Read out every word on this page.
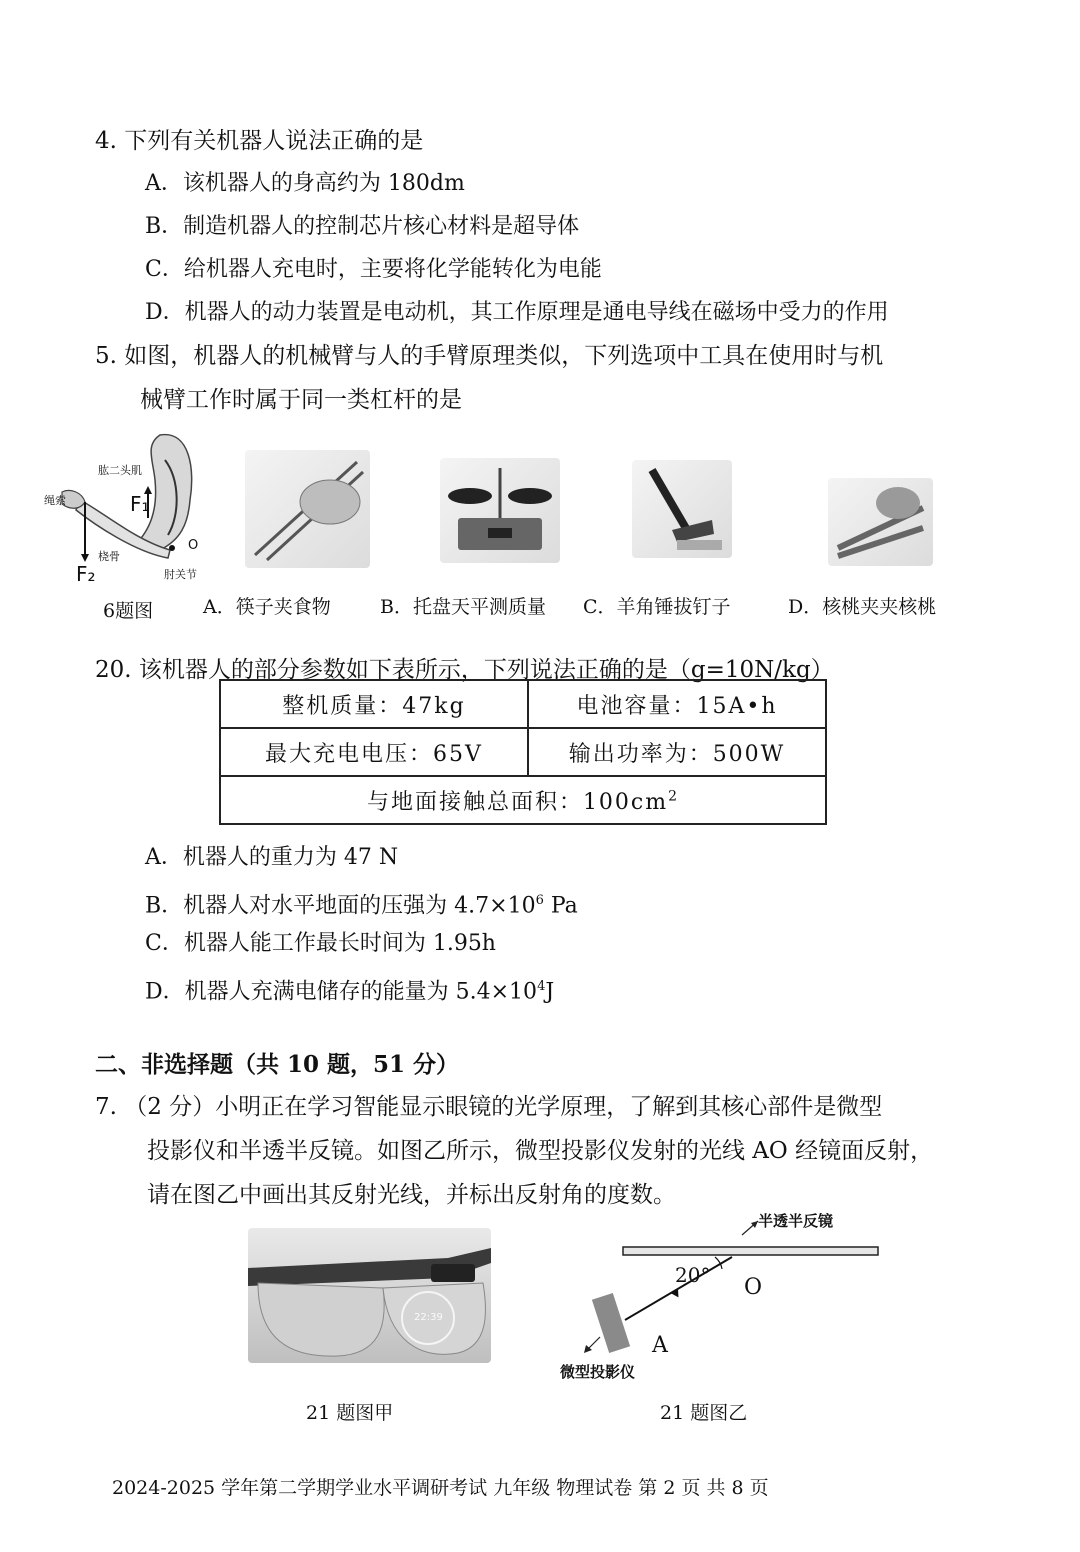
4. 下列有关机器人说法正确的是
A．该机器人的身高约为 180dm
B．制造机器人的控制芯片核心材料是超导体
C．给机器人充电时，主要将化学能转化为电能
D．机器人的动力装置是电动机，其工作原理是通电导线在磁场中受力的作用
5. 如图，机器人的机械臂与人的手臂原理类似，下列选项中工具在使用时与机
械臂工作时属于同一类杠杆的是
肱二头肌
绳索
桡骨
肘关节
F₁
F₂
O
6题图	A．筷子夹食物	B．托盘天平测质量 C．羊角锤拔钉子	D．核桃夹夹核桃
20. 该机器人的部分参数如下表所示，下列说法正确的是（g=10N/kg）
整机质量：47kg	电池容量：15A•h
最大充电电压：65V	输出功率为：500W
与地面接触总面积：$100cm^2$
A．机器人的重力为 47 N
B．机器人对水平地面的压强为 $4.7\times 10^6$ Pa
C．机器人能工作最长时间为 1.95h
D．机器人充满电储存的能量为 $5.4\times 10^4J$
二、非选择题（共 10 题，51 分）
7. （2 分）小明正在学习智能显示眼镜的光学原理，了解到其核心部件是微型
投影仪和半透半反镜。如图乙所示，微型投影仪发射的光线 AO 经镜面反射，
请在图乙中画出其反射光线，并标出反射角的度数。
22:39
21 题图甲
半透半反镜
20° O
A
微型投影仪
21 题图乙
2024-2025 学年第二学期学业水平调研考试 九年级 物理试卷 第 2 页 共 8 页
